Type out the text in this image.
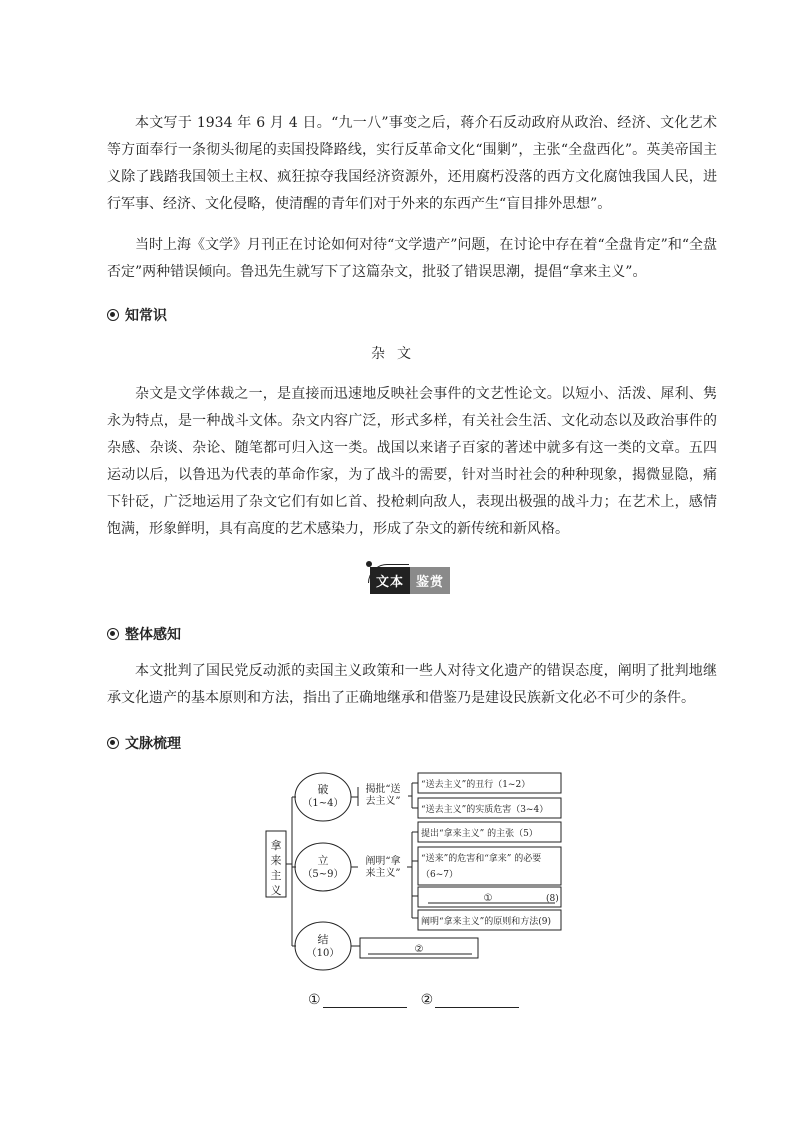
本文写于 1934 年 6 月 4 日。“九一八”事变之后，蒋介石反动政府从政治、经济、文化艺术等方面奉行一条彻头彻尾的卖国投降路线，实行反革命文化“围剿”，主张“全盘西化”。英美帝国主义除了践踏我国领土主权、疯狂掠夺我国经济资源外，还用腐朽没落的西方文化腐蚀我国人民，进行军事、经济、文化侵略，使清醒的青年们对于外来的东西产生“盲目排外思想”。

当时上海《文学》月刊正在讨论如何对待“文学遗产”问题，在讨论中存在着“全盘肯定”和“全盘否定”两种错误倾向。鲁迅先生就写下了这篇杂文，批驳了错误思潮，提倡“拿来主义”。

知常识
杂文

杂文是文学体裁之一，是直接而迅速地反映社会事件的文艺性论文。以短小、活泼、犀利、隽永为特点，是一种战斗文体。杂文内容广泛，形式多样，有关社会生活、文化动态以及政治事件的杂感、杂谈、杂论、随笔都可归入这一类。战国以来诸子百家的著述中就多有这一类的文章。五四运动以后，以鲁迅为代表的革命作家，为了战斗的需要，针对当时社会的种种现象，揭微显隐，痛下针砭，广泛地运用了杂文它们有如匕首、投枪刺向敌人，表现出极强的战斗力；在艺术上，感情饱满，形象鲜明，具有高度的艺术感染力，形成了杂文的新传统和新风格。

文本 鉴赏
整体感知

本文批判了国民党反动派的卖国主义政策和一些人对待文化遗产的错误态度，阐明了批判地继承文化遗产的基本原则和方法，指出了正确地继承和借鉴乃是建设民族新文化必不可少的条件。

文脉梳理
拿
来
主
义
破
（1~4）
立
（5~9）
结
（10）
揭批“送
去主义”
阐明“拿
来主义”
“送去主义”的丑行（1~2）
“送去主义”的实质危害（3~4）
提出“拿来主义” 的主张（5）
“送来”的危害和“拿来” 的必要
（6~7）
①	(8)
阐明“拿来主义”的原则和方法(9)
②
①	②
